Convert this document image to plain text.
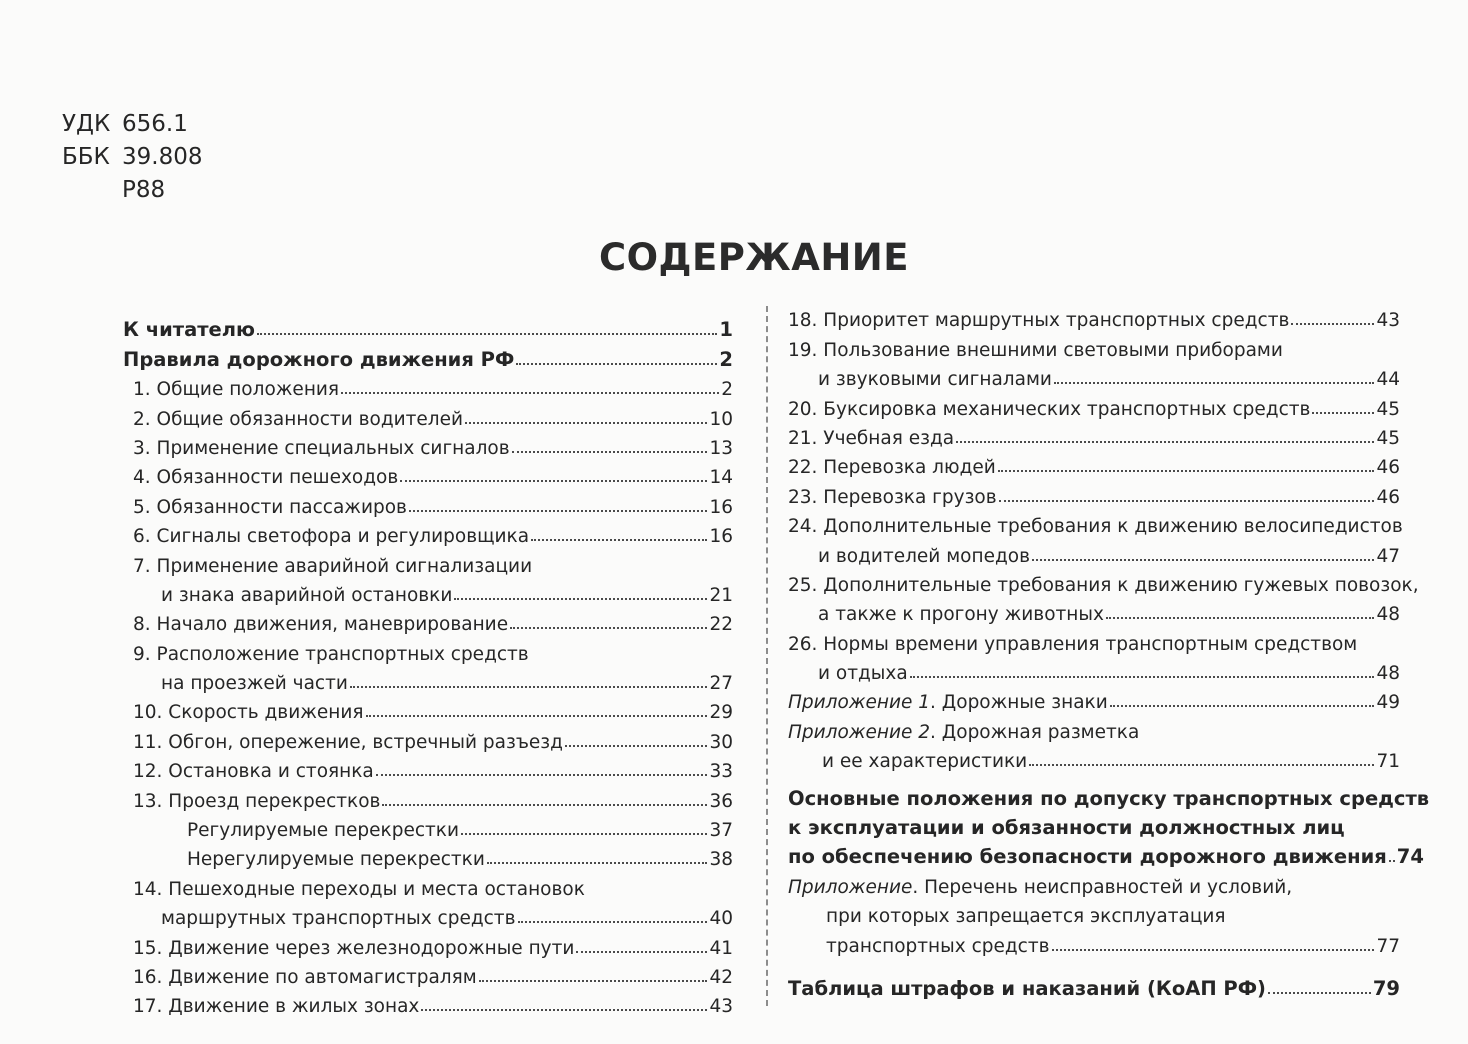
УДК 656.1
ББК 39.808
Р88
СОДЕРЖАНИЕ
К читателю	1
Правила дорожного движения РФ	2
1. Общие положения	2
2. Общие обязанности водителей	10
3. Применение специальных сигналов	13
4. Обязанности пешеходов	14
5. Обязанности пассажиров	16
6. Сигналы светофора и регулировщика	16
7. Применение аварийной сигнализации
и знака аварийной остановки	21
8. Начало движения, маневрирование	22
9. Расположение транспортных средств
на проезжей части	27
10. Скорость движения	29
11. Обгон, опережение, встречный разъезд	30
12. Остановка и стоянка	33
13. Проезд перекрестков	36
Регулируемые перекрестки	37
Нерегулируемые перекрестки	38
14. Пешеходные переходы и места остановок
маршрутных транспортных средств	40
15. Движение через железнодорожные пути	41
16. Движение по автомагистралям	42
17. Движение в жилых зонах	43
18. Приоритет маршрутных транспортных средств	43
19. Пользование внешними световыми приборами
и звуковыми сигналами	44
20. Буксировка механических транспортных средств	45
21. Учебная езда	45
22. Перевозка людей	46
23. Перевозка грузов	46
24. Дополнительные требования к движению велосипедистов
и водителей мопедов	47
25. Дополнительные требования к движению гужевых повозок,
а также к прогону животных	48
26. Нормы времени управления транспортным средством
и отдыха	48
Приложение 1. Дорожные знаки	49
Приложение 2. Дорожная разметка
и ее характеристики	71
Основные положения по допуску транспортных средств
к эксплуатации и обязанности должностных лиц
по обеспечению безопасности дорожного движения 74
Приложение. Перечень неисправностей и условий,
при которых запрещается эксплуатация
транспортных средств	77
Таблица штрафов и наказаний (КоАП РФ)	79
